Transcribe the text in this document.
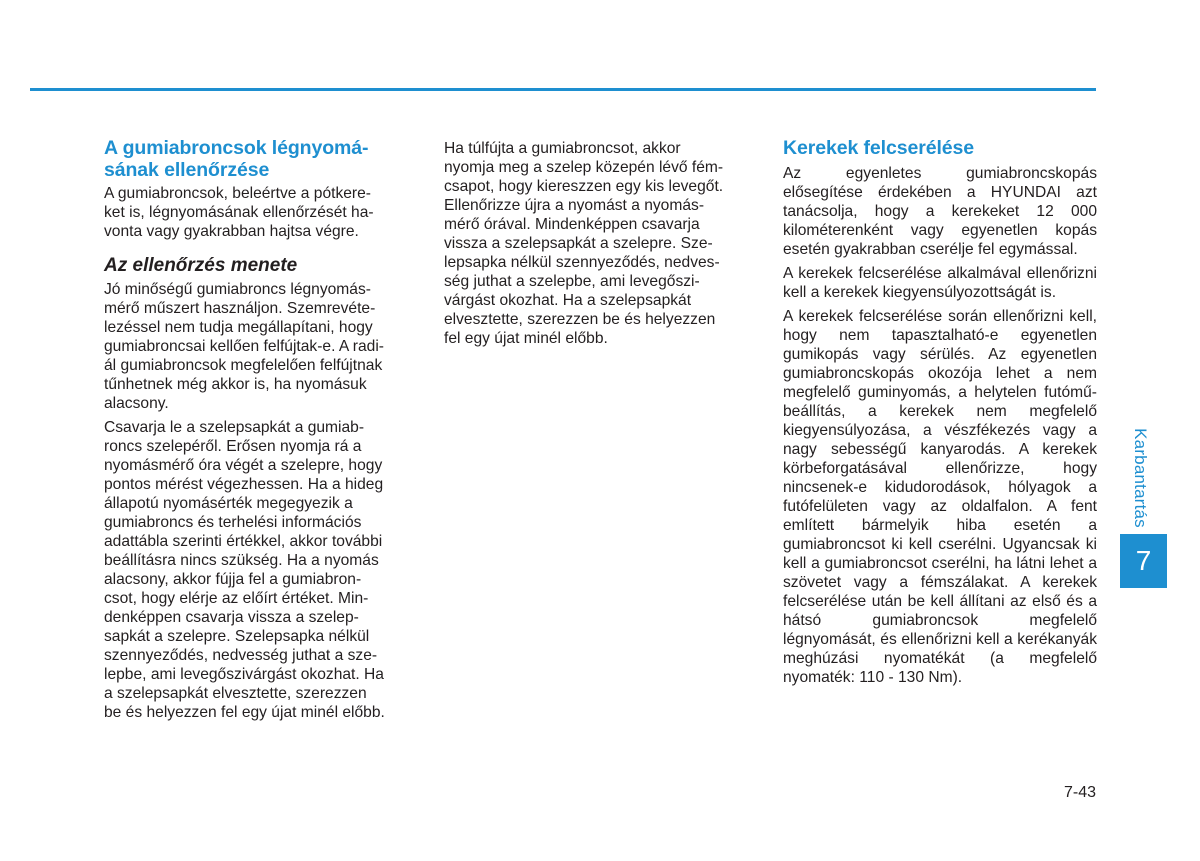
A gumiabroncsok légnyomá-
sának ellenőrzése

A gumiabroncsok, beleértve a pótkere-
ket is, légnyomásának ellenőrzését ha-
vonta vagy gyakrabban hajtsa végre.

Az ellenőrzés menete

Jó minőségű gumiabroncs légnyomás-
mérő műszert használjon. Szemrevéte-
lezéssel nem tudja megállapítani, hogy
gumiabroncsai kellően felfújtak-e. A radi-
ál gumiabroncsok megfelelően felfújtnak
tűnhetnek még akkor is, ha nyomásuk
alacsony.

Csavarja le a szelepsapkát a gumiab-
roncs szelepéről. Erősen nyomja rá a
nyomásmérő óra végét a szelepre, hogy
pontos mérést végezhessen. Ha a hideg
állapotú nyomásérték megegyezik a
gumiabroncs és terhelési információs
adattábla szerinti értékkel, akkor további
beállításra nincs szükség. Ha a nyomás
alacsony, akkor fújja fel a gumiabron-
csot, hogy elérje az előírt értéket. Min-
denképpen csavarja vissza a szelep-
sapkát a szelepre. Szelepsapka nélkül
szennyeződés, nedvesség juthat a sze-
lepbe, ami levegőszivárgást okozhat. Ha
a szelepsapkát elvesztette, szerezzen
be és helyezzen fel egy újat minél előbb.

Ha túlfújta a gumiabroncsot, akkor
nyomja meg a szelep közepén lévő fém-
csapot, hogy kiereszzen egy kis levegőt.
Ellenőrizze újra a nyomást a nyomás-
mérő órával. Mindenképpen csavarja
vissza a szelepsapkát a szelepre. Sze-
lepsapka nélkül szennyeződés, nedves-
ség juthat a szelepbe, ami levegőszi-
várgást okozhat. Ha a szelepsapkát
elvesztette, szerezzen be és helyezzen
fel egy újat minél előbb.

Kerekek felcserélése

Az egyenletes gumiabroncskopás elősegítése érdekében a HYUNDAI azt tanácsolja, hogy a kerekeket 12 000 kilométerenként vagy egyenetlen kopás esetén gyakrabban cserélje fel egymással.

A kerekek felcserélése alkalmával ellenőrizni kell a kerekek kiegyensúlyozottságát is.

A kerekek felcserélése során ellenőrizni kell, hogy nem tapasztalható-e egyenetlen gumikopás vagy sérülés. Az egyenetlen gumiabroncskopás okozója lehet a nem megfelelő guminyomás, a helytelen futómű-beállítás, a kerekek nem megfelelő kiegyensúlyozása, a vészfékezés vagy a nagy sebességű kanyarodás. A kerekek körbeforgatásával ellenőrizze, hogy nincsenek-e kidudorodások, hólyagok a futófelületen vagy az oldalfalon. A fent említett bármelyik hiba esetén a gumiabroncsot ki kell cserélni. Ugyancsak ki kell a gumiabroncsot cserélni, ha látni lehet a szövetet vagy a fémszálakat. A kerekek felcserélése után be kell állítani az első és a hátsó gumiabroncsok megfelelő légnyomását, és ellenőrizni kell a kerékanyák meghúzási nyomatékát (a megfelelő nyomaték: 110 - 130 Nm).

Karbantartás
7
7-43
